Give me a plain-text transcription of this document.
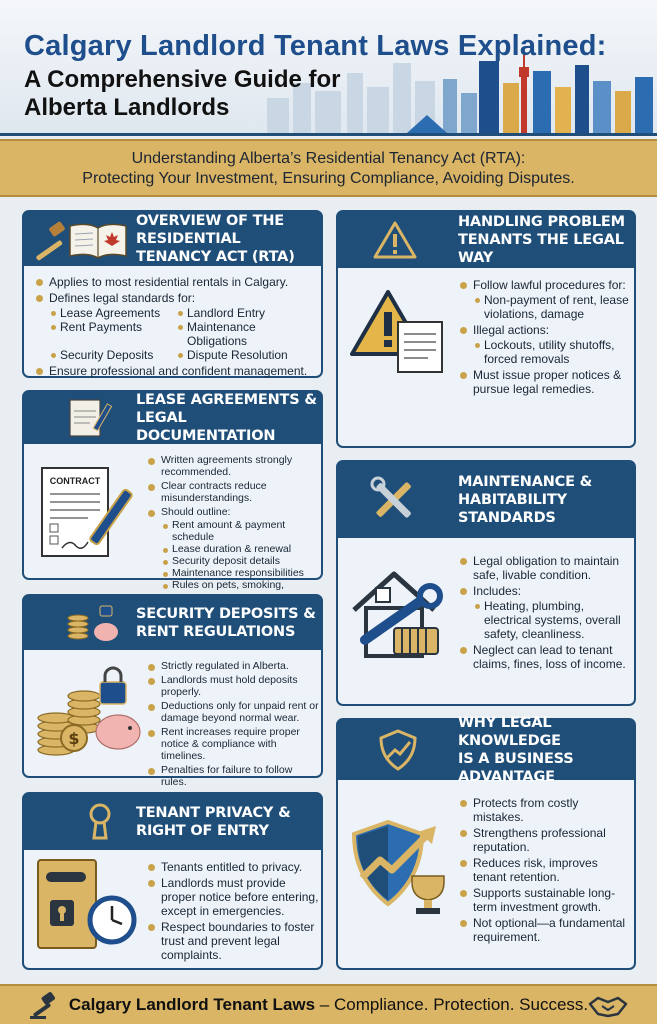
Calgary Landlord Tenant Laws Explained:
A Comprehensive Guide for Alberta Landlords
Understanding Alberta’s Residential Tenancy Act (RTA):
Protecting Your Investment, Ensuring Compliance, Avoiding Disputes.
OVERVIEW OF THE RESIDENTIAL
TENANCY ACT (RTA)
Applies to most residential rentals in Calgary.
Defines legal standards for:
Lease Agreements	Landlord Entry
Rent Payments	Maintenance Obligations
Security Deposits	Dispute Resolution
Ensure professional and confident management.
LEASE AGREEMENTS &
LEGAL DOCUMENTATION
CONTRACT
Written agreements strongly recommended.
Clear contracts reduce misunderstandings.
Should outline:
Rent amount & payment schedule
Lease duration & renewal
Security deposit details
Maintenance responsibilities
Rules on pets, smoking,
SECURITY DEPOSITS &
RENT REGULATIONS
$
Strictly regulated in Alberta.
Landlords must hold deposits properly.
Deductions only for unpaid rent or damage beyond normal wear.
Rent increases require proper notice & compliance with timelines.
Penalties for failure to follow rules.
TENANT PRIVACY &
RIGHT OF ENTRY
Tenants entitled to privacy.
Landlords must provide proper notice before entering, except in emergencies.
Respect boundaries to foster trust and prevent legal complaints.
HANDLING PROBLEM
TENANTS THE LEGAL WAY
Follow lawful procedures for:
Non-payment of rent, lease violations, damage
Illegal actions:
Lockouts, utility shutoffs, forced removals
Must issue proper notices & pursue legal remedies.
MAINTENANCE &
HABITABILITY
STANDARDS
Legal obligation to maintain safe, livable condition.
Includes:
Heating, plumbing, electrical systems, overall safety, cleanliness.
Neglect can lead to tenant claims, fines, loss of income.
WHY LEGAL KNOWLEDGE
IS A BUSINESS ADVANTAGE
Protects from costly mistakes.
Strengthens professional reputation.
Reduces risk, improves tenant retention.
Supports sustainable long-term investment growth.
Not optional—a fundamental requirement.
Calgary Landlord Tenant Laws – Compliance. Protection. Success.
